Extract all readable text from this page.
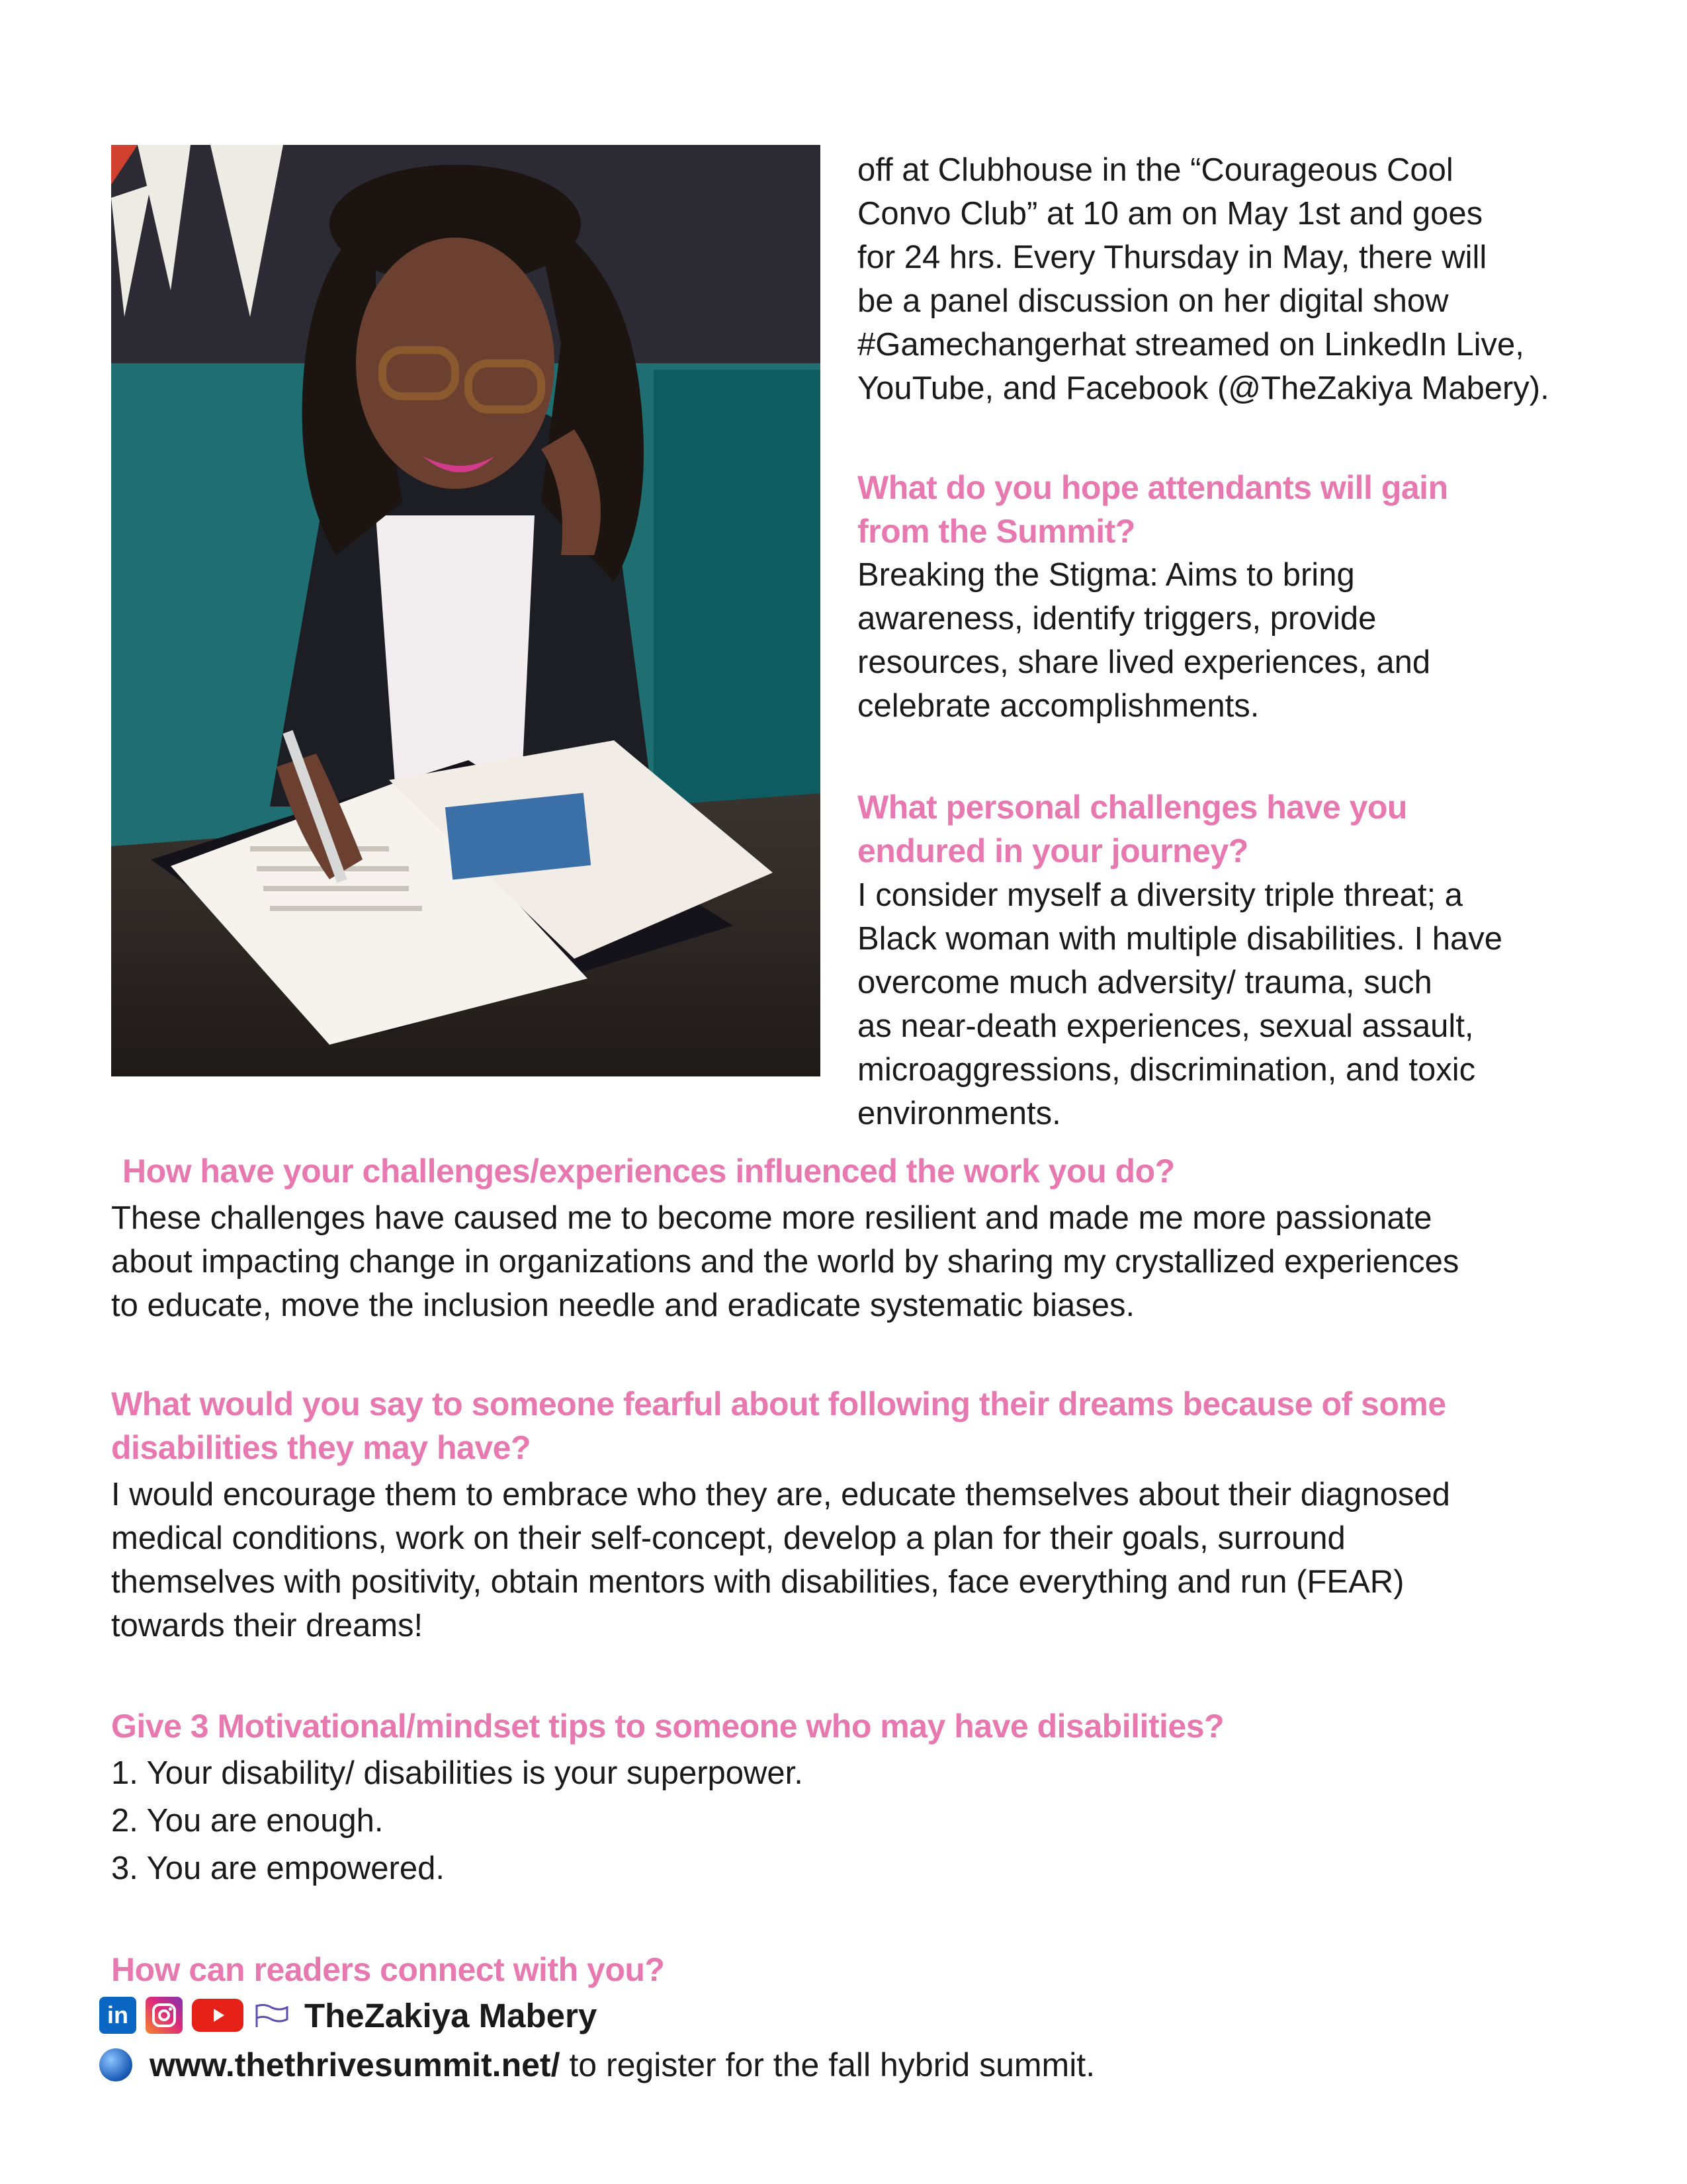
off at Clubhouse in the “Courageous Cool

Convo Club” at 10 am on May 1st and goes

for 24 hrs. Every Thursday in May, there will

be a panel discussion on her digital show

#Gamechangerhat streamed on LinkedIn Live,

YouTube, and Facebook (@TheZakiya Mabery).

What do you hope attendants will gain

from the Summit?

Breaking the Stigma: Aims to bring

awareness, identify triggers, provide

resources, share lived experiences, and

celebrate accomplishments.

What personal challenges have you

endured in your journey?

I consider myself a diversity triple threat; a

Black woman with multiple disabilities. I have

overcome much adversity/ trauma, such

as near-death experiences, sexual assault,

microaggressions, discrimination, and toxic

environments.

How have your challenges/experiences influenced the work you do?

These challenges have caused me to become more resilient and made me more passionate

about impacting change in organizations and the world by sharing my crystallized experiences

to educate, move the inclusion needle and eradicate systematic biases.

What would you say to someone fearful about following their dreams because of some

disabilities they may have?

I would encourage them to embrace who they are, educate themselves about their diagnosed

medical conditions, work on their self-concept, develop a plan for their goals, surround

themselves with positivity, obtain mentors with disabilities, face everything and run (FEAR)

towards their dreams!

Give 3 Motivational/mindset tips to someone who may have disabilities?

1. Your disability/ disabilities is your superpower.
2. You are enough.
3. You are empowered.

How can readers connect with you?

in	TheZakiya Mabery
www.thethrivesummit.net/ to register for the fall hybrid summit.
